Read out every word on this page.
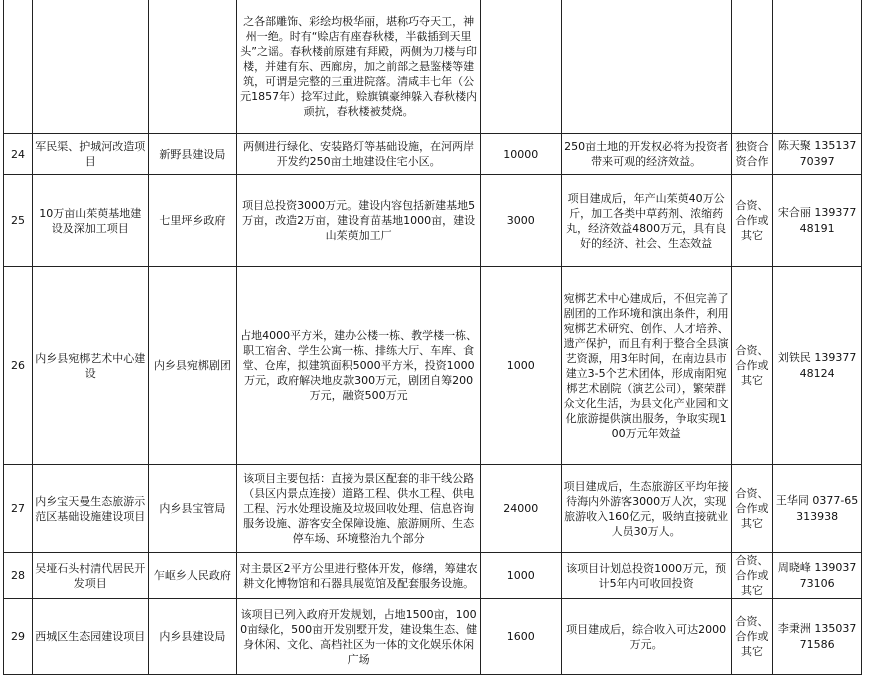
			之各部雕饰、彩绘均极华丽，堪称巧夺天工，神州一绝。时有“赊店有座春秋楼，半截插到天里头”之谣。春秋楼前原建有拜殿，两侧为刀楼与印楼，并建有东、西廊房，加之前部之悬鉴楼等建筑，可谓是完整的三重进院落。清咸丰七年（公元1857年）捻军过此，赊旗镇豪绅躲入春秋楼内顽抗，春秋楼被焚烧。				
24	军民渠、护城河改造项目	新野县建设局	两侧进行绿化、安装路灯等基础设施，在河两岸开发约250亩土地建设住宅小区。	10000	250亩土地的开发权必将为投资者带来可观的经济效益。	独资合资合作	陈天聚 13513770397
25	10万亩山茱萸基地建设及深加工项目	七里坪乡政府	项目总投资3000万元。建设内容包括新建基地5万亩，改造2万亩，建设育苗基地1000亩，建设山茱萸加工厂	3000	项目建成后，年产山茱萸40万公斤，加工各类中草药剂、浓缩药丸，经济效益4800万元，具有良好的经济、社会、生态效益	合资、合作或其它	宋合丽 13937748191
26	内乡县宛梆艺术中心建设	内乡县宛梆剧团	占地4000平方米，建办公楼一栋、教学楼一栋、职工宿舍、学生公寓一栋、排练大厅、车库、食堂、仓库，拟建筑面积5000平方米，投资1000万元，政府解决地皮款300万元，剧团自筹200万元，融资500万元	1000	宛梆艺术中心建成后，不但完善了剧团的工作环境和演出条件，利用宛梆艺术研究、创作、人才培养、遗产保护，而且有利于整合全县演艺资源，用3年时间，在南边县市建立3-5个艺术团体，形成南阳宛梆艺术剧院（演艺公司），繁荣群众文化生活，为县文化产业园和文化旅游提供演出服务，争取实现100万元年效益	合资、合作或其它	刘铁民 13937748124
27	内乡宝天曼生态旅游示范区基础设施建设项目	内乡县宝管局	该项目主要包括：直接为景区配套的非干线公路（县区内景点连接）道路工程、供水工程、供电工程、污水处理设施及垃圾回收处理、信息咨询服务设施、游客安全保障设施、旅游厕所、生态停车场、环境整治九个部分	24000	项目建成后，生态旅游区平均年接待海内外游客3000万人次，实现旅游收入160亿元，吸纳直接就业人员30万人。	合资、合作或其它	王华同 0377-65313938
28	吴垭石头村清代居民开发项目	乍岖乡人民政府	对主景区2平方公里进行整体开发，修缮，筹建农耕文化博物馆和石器具展览馆及配套服务设施。	1000	该项目计划总投资1000万元，预计5年内可收回投资	合资、合作或其它	周晓峰 13903773106
29	西城区生态园建设项目	内乡县建设局	该项目已列入政府开发规划，占地1500亩，1000亩绿化，500亩开发别墅开发，建设集生态、健身休闲、文化、高档社区为一体的文化娱乐休闲广场	1600	项目建成后，综合收入可达2000万元。	合资、合作或其它	李秉洲 13503771586
